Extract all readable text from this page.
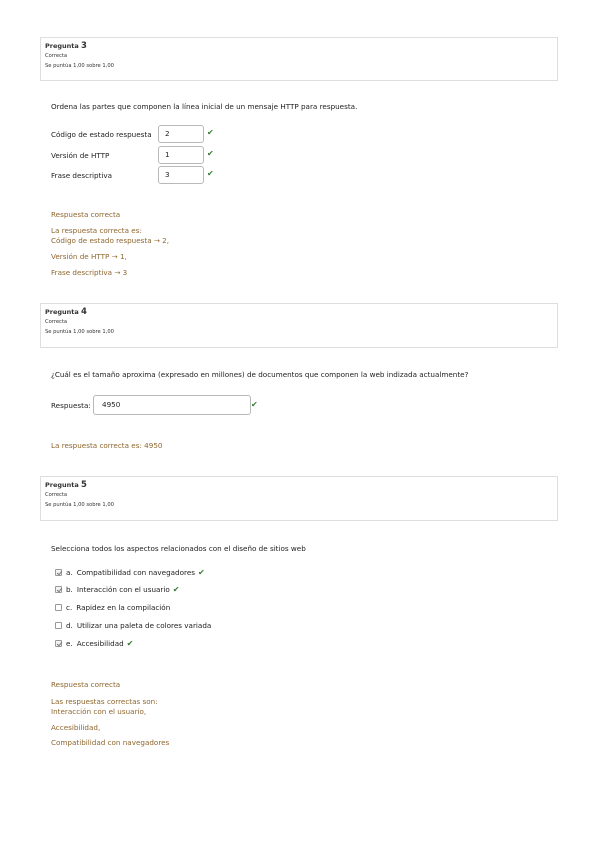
Pregunta 3
Correcta
Se puntúa 1,00 sobre 1,00
Ordena las partes que componen la línea inicial de un mensaje HTTP para respuesta.
Código de estado respuesta	2	✔
Versión de HTTP	1	✔
Frase descriptiva	3	✔
Respuesta correcta
La respuesta correcta es:
Código de estado respuesta → 2,
Versión de HTTP → 1,
Frase descriptiva → 3
Pregunta 4
Correcta
Se puntúa 1,00 sobre 1,00
¿Cuál es el tamaño aproxima (expresado en millones) de documentos que componen la web indizada actualmente?
Respuesta:	4950	✔
La respuesta correcta es: 4950
Pregunta 5
Correcta
Se puntúa 1,00 sobre 1,00
Selecciona todos los aspectos relacionados con el diseño de sitios web
a. Compatibilidad con navegadores ✔
b. Interacción con el usuario ✔
c. Rapidez en la compilación
d. Utilizar una paleta de colores variada
e. Accesibilidad ✔
Respuesta correcta
Las respuestas correctas son:
Interacción con el usuario,
Accesibilidad,
Compatibilidad con navegadores
